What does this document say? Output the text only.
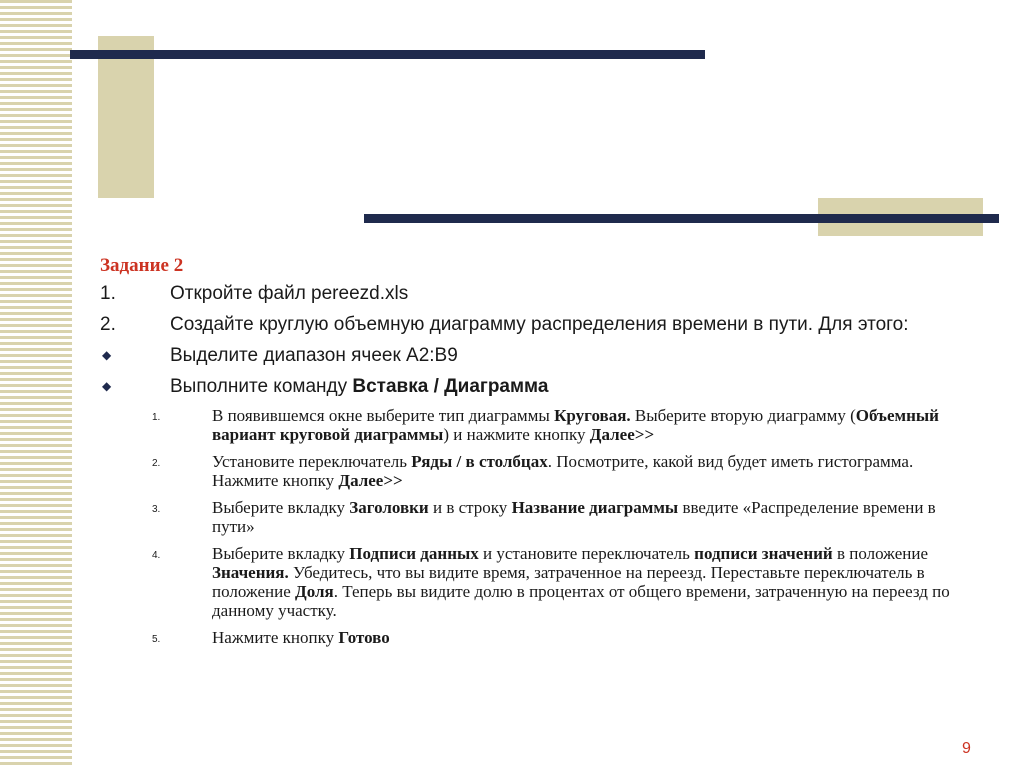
Задание 2
1.	Откройте файл pereezd.xls
2.	Создайте круглую объемную диаграмму распределения времени в пути. Для этого:
◆	Выделите диапазон ячеек А2:В9
◆	Выполните команду Вставка / Диаграмма
1.	В появившемся окне выберите тип диаграммы Круговая. Выберите вторую диаграмму (Объемный вариант круговой диаграммы) и нажмите кнопку Далее>>
2.	Установите переключатель Ряды / в столбцах. Посмотрите, какой вид будет иметь гистограмма. Нажмите кнопку Далее>>
3.	Выберите вкладку Заголовки и в строку Название диаграммы введите «Распределение времени в пути»
4.	Выберите вкладку Подписи данных и установите переключатель подписи значений в положение Значения. Убедитесь, что вы видите время, затраченное на переезд. Переставьте переключатель в положение Доля. Теперь вы видите долю в процентах от общего времени, затраченную на переезд по данному участку.
5.	Нажмите кнопку Готово
9
